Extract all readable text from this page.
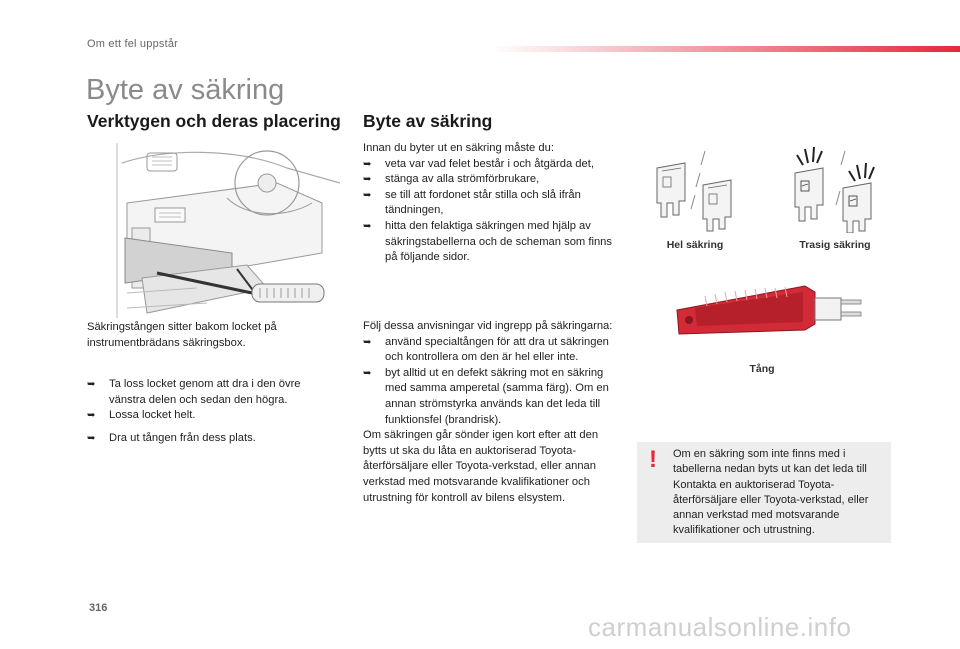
Om ett fel uppstår
Byte av säkring
Verktygen och deras placering Byte av säkring

Säkringstången sitter bakom locket på instrumentbrädans säkringsbox.

➥ Ta loss locket genom att dra i den övre vänstra delen och sedan den högra.
➥ Lossa locket helt.
➥ Dra ut tången från dess plats.

Innan du byter ut en säkring måste du:

➥ veta var vad felet består i och åtgärda det,
➥ stänga av alla strömförbrukare,
➥ se till att fordonet står stilla och slå ifrån tändningen,
➥ hitta den felaktiga säkringen med hjälp av säkringstabellerna och de scheman som finns på följande sidor.

Följ dessa anvisningar vid ingrepp på säkringarna:

➥ använd specialtången för att dra ut säkringen och kontrollera om den är hel eller inte.
➥ byt alltid ut en defekt säkring mot en säkring med samma amperetal (samma färg). Om en annan strömstyrka används kan det leda till funktionsfel (brandrisk).

Om säkringen går sönder igen kort efter att den bytts ut ska du låta en auktoriserad Toyota-återförsäljare eller Toyota-verkstad, eller annan verkstad med motsvarande kvalifikationer och utrustning för kontroll av bilens elsystem.

Hel säkring	Trasig säkring
Tång
! Om en säkring som inte finns med i tabellerna nedan byts ut kan det leda till Kontakta en auktoriserad Toyota-återförsäljare eller Toyota-verkstad, eller annan verkstad med motsvarande kvalifikationer och utrustning.
316
carmanualsonline.info
